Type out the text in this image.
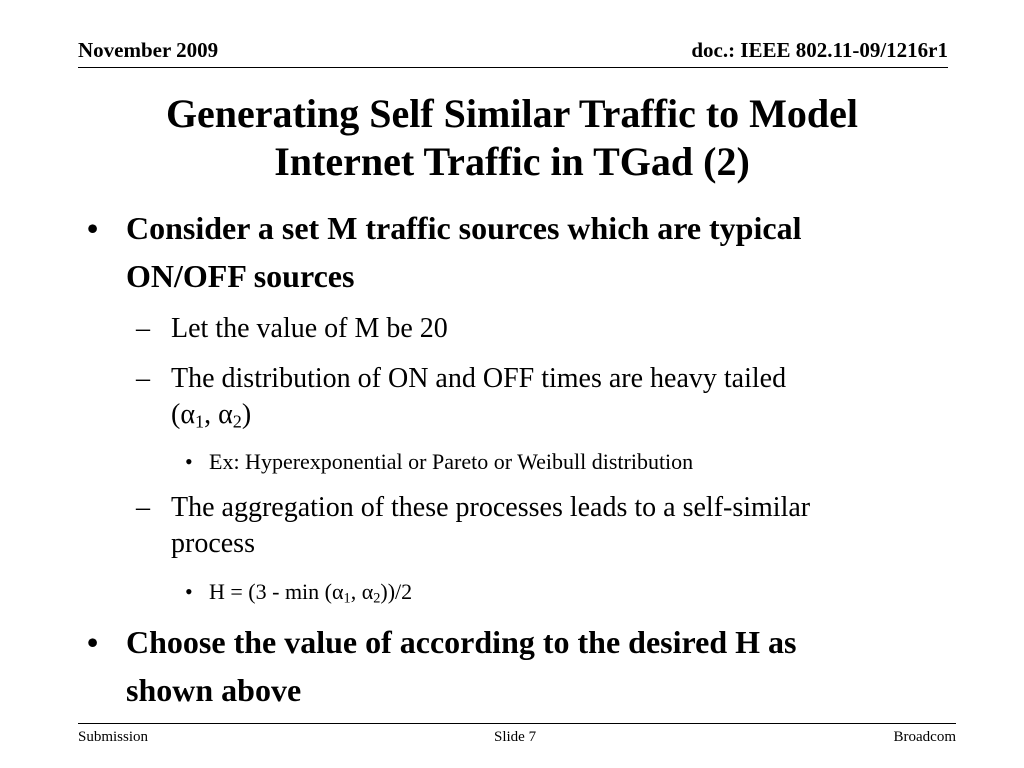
November 2009	doc.: IEEE 802.11-09/1216r1
Generating Self Similar Traffic to Model
Internet Traffic in TGad (2)
• Consider a set M traffic sources which are typical
ON/OFF sources
– Let the value of M be 20
– The distribution of ON and OFF times are heavy tailed
($\alpha_1$, $\alpha_2$)
• Ex: Hyperexponential or Pareto or Weibull distribution
– The aggregation of these processes leads to a self-similar
process
• $H = (3 - \min (\alpha_1$, $\alpha_2))/2$
• Choose the value of according to the desired H as
shown above
Submission	Slide 7	Broadcom
